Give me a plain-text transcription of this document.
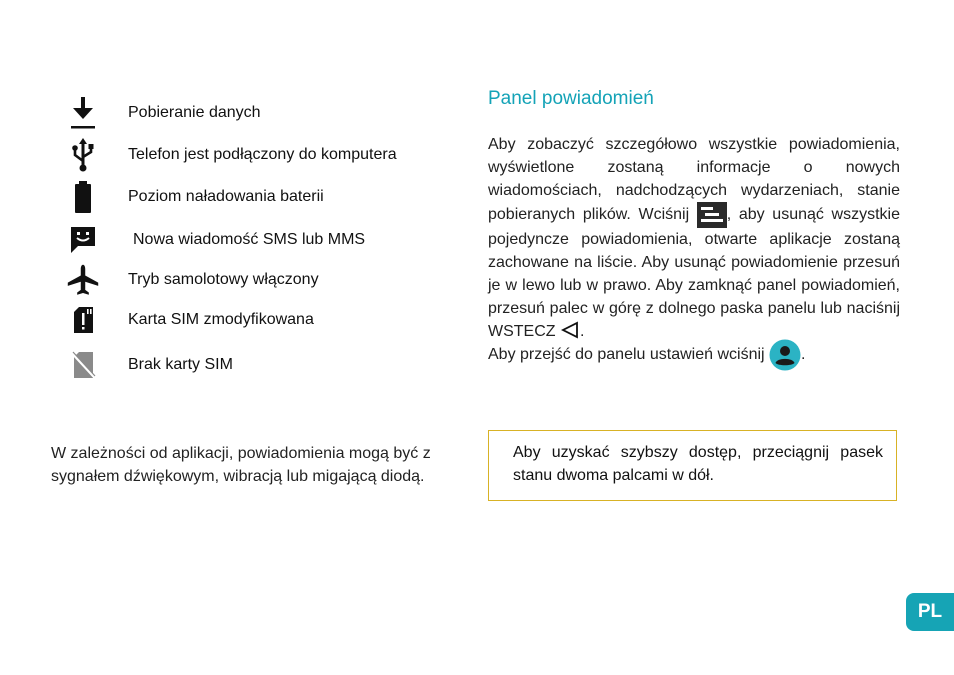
Pobieranie danych
Telefon jest podłączony do komputera
Poziom naładowania baterii
Nowa wiadomość SMS lub MMS
Tryb samolotowy włączony
Karta SIM zmodyfikowana
Brak karty SIM

W zależności od aplikacji, powiadomienia mogą być z sygnałem dźwiękowym, wibracją lub migającą diodą.

Panel powiadomień

Aby zobaczyć szczegółowo wszystkie powiadomienia, wyświetlone zostaną informacje o nowych wiadomościach, nadchodzących wydarzeniach, stanie pobieranych plików. Wciśnij , aby usunąć wszystkie pojedyncze powiadomienia, otwarte aplikacje zostaną zachowane na liście. Aby usunąć powiadomienie przesuń je w lewo lub w prawo. Aby zamknąć panel powiadomień, przesuń palec w górę z dolnego paska panelu lub naciśnij WSTECZ .

Aby przejść do panelu ustawień wciśnij .

Aby uzyskać szybszy dostęp, przeciągnij pasek stanu dwoma palcami w dół.
PL
